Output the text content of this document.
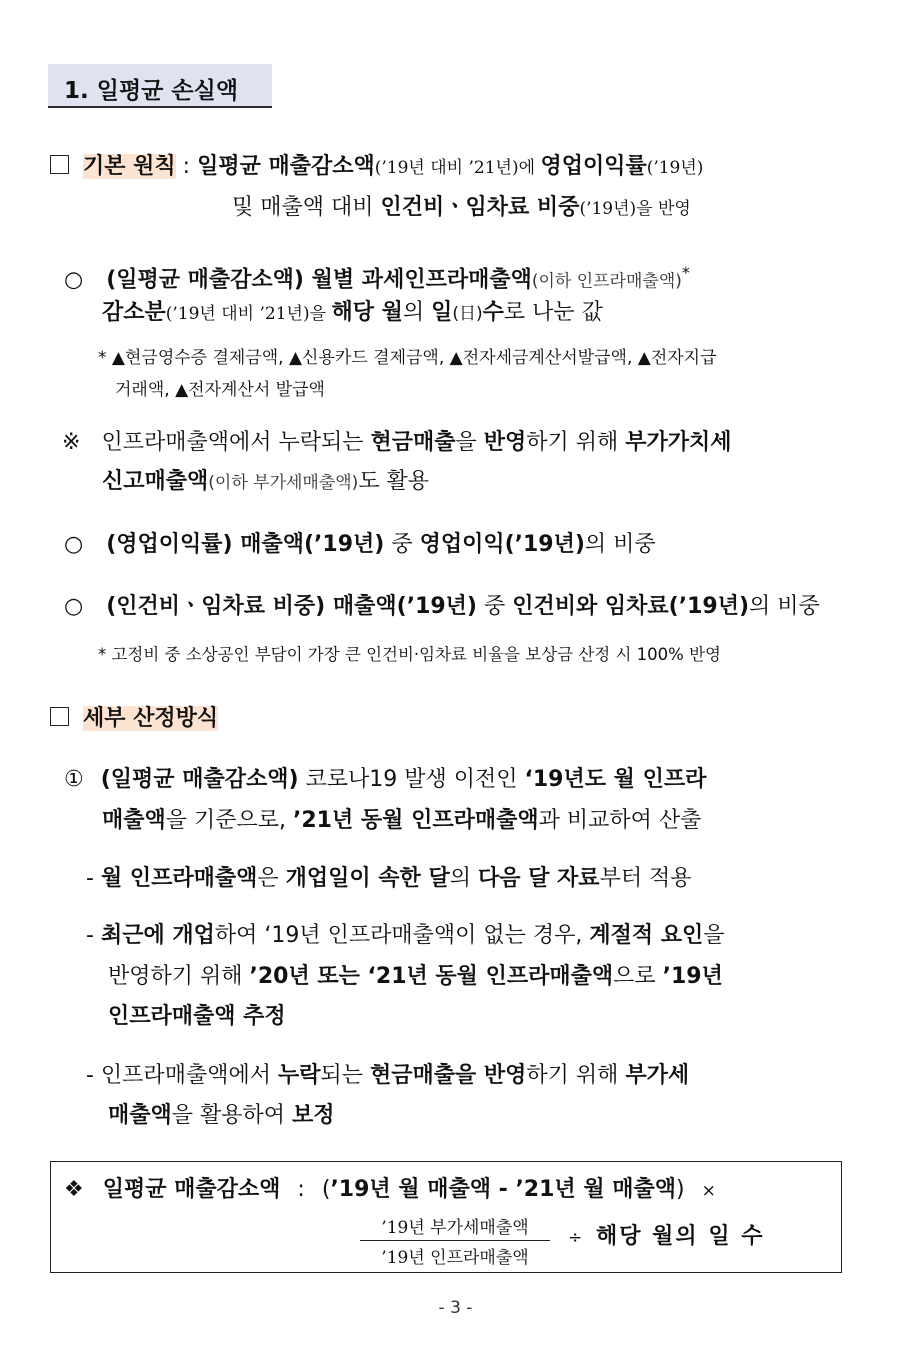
1. 일평균 손실액
기본 원칙 : 일평균 매출감소액(’19년 대비 ’21년)에 영업이익률(’19년)
및 매출액 대비 인건비ㆍ임차료 비중(’19년)을 반영
○ (일평균 매출감소액) 월별 과세인프라매출액(이하 인프라매출액)*
감소분(’19년 대비 ’21년)을 해당 월의 일(日)수로 나눈 값
* ▲현금영수증 결제금액, ▲신용카드 결제금액, ▲전자세금계산서발급액, ▲전자지급
거래액, ▲전자계산서 발급액
※ 인프라매출액에서 누락되는 현금매출을 반영하기 위해 부가가치세
신고매출액(이하 부가세매출액)도 활용
○ (영업이익률) 매출액(’19년) 중 영업이익(’19년)의 비중
○ (인건비ㆍ임차료 비중) 매출액(’19년) 중 인건비와 임차료(’19년)의 비중
* 고정비 중 소상공인 부담이 가장 큰 인건비·임차료 비율을 보상금 산정 시 100% 반영
세부 산정방식
① (일평균 매출감소액) 코로나19 발생 이전인 ‘19년도 월 인프라
매출액을 기준으로, ’21년 동월 인프라매출액과 비교하여 산출
- 월 인프라매출액은 개업일이 속한 달의 다음 달 자료부터 적용
- 최근에 개업하여 ‘19년 인프라매출액이 없는 경우, 계절적 요인을
반영하기 위해 ’20년 또는 ‘21년 동월 인프라매출액으로 ’19년
인프라매출액 추정
- 인프라매출액에서 누락되는 현금매출을 반영하기 위해 부가세
매출액을 활용하여 보정
❖ 일평균 매출감소액 : (’19년 월 매출액 - ’21년 월 매출액) ×
’19년 부가세매출액
’19년 인프라매출액
÷ 해당 월의 일 수
- 3 -
